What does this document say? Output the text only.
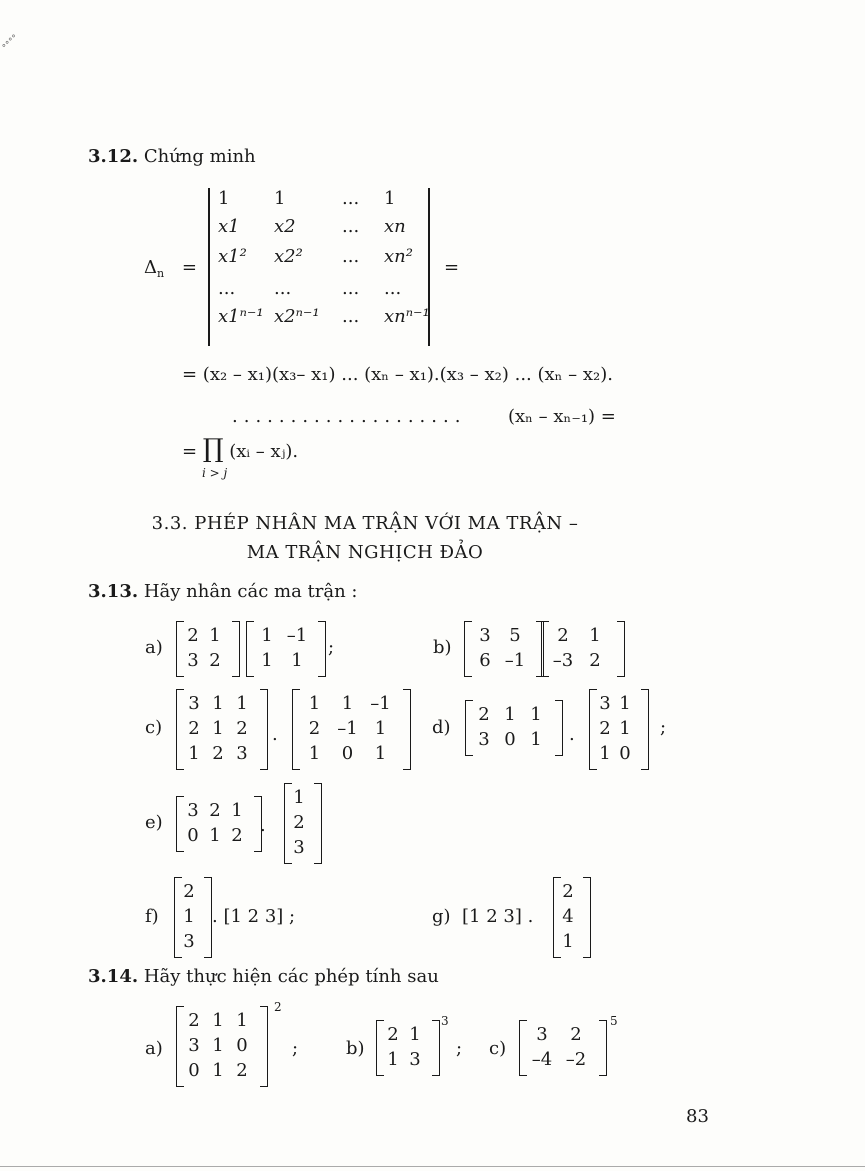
°°°°
3.12. Chứng minh
$\Delta_n$ =	=
1 1	... 1
x1 x2	... xn
x1² x2² ... xn²
... ...	... ...
x1ⁿ⁻¹ x2ⁿ⁻¹ ... xnⁿ⁻¹
= (x₂ – x₁)(x₃– x₁) ... (xₙ – x₁).(x₃ – x₂) ... (xₙ – x₂).
.................... (xₙ – xₙ₋₁) =
= ∏ (xᵢ – xⱼ).
i > j
3.3. PHÉP NHÂN MA TRẬN VỚI MA TRẬN –
MA TRẬN NGHỊCH ĐẢO
3.13. Hãy nhân các ma trận :
a)	;	b)
c)	.	d)	.	;
e)	.
f)	. [1 2 3] ;	g) [1 2 3] .
3.14. Hãy thực hiện các phép tính sau
a)
2
;	b)
3
; c)
5
83
2 1
3 2
1 –1
1	1
3	5
6 –1
2	1
–3 2
3 1 1
2 1 2
1 2 3
1	1 –1
2 –1 1
1	0	1
2 1 1
3 0 1
3 1
2 1
1 0
3 2 1
0 1 2
1
2
3
2
1
3
2
4
1
2 1 1
3 1 0
0 1 2
2 1
1 3
3	2
–4 –2
